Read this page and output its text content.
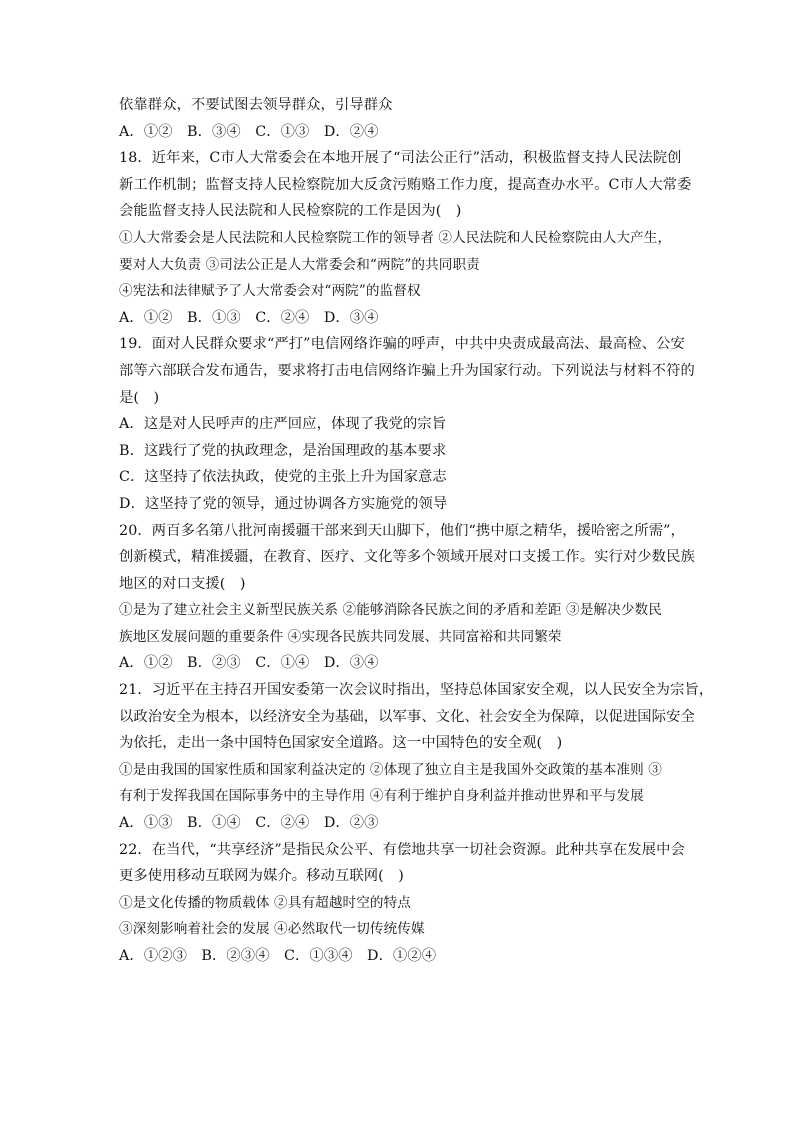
依靠群众，不要试图去领导群众，引导群众
A．①②　B．③④　C．①③　D．②④
18．近年来，C市人大常委会在本地开展了“司法公正行”活动，积极监督支持人民法院创
新工作机制；监督支持人民检察院加大反贪污贿赂工作力度，提高查办水平。C市人大常委
会能监督支持人民法院和人民检察院的工作是因为(　)
①人大常委会是人民法院和人民检察院工作的领导者 ②人民法院和人民检察院由人大产生，
要对人大负责 ③司法公正是人大常委会和“两院”的共同职责
④宪法和法律赋予了人大常委会对“两院”的监督权
A．①②　B．①③　C．②④　D．③④
19．面对人民群众要求“严打”电信网络诈骗的呼声，中共中央责成最高法、最高检、公安
部等六部联合发布通告，要求将打击电信网络诈骗上升为国家行动。下列说法与材料不符的
是(　)
A．这是对人民呼声的庄严回应，体现了我党的宗旨
B．这践行了党的执政理念，是治国理政的基本要求
C．这坚持了依法执政，使党的主张上升为国家意志
D．这坚持了党的领导，通过协调各方实施党的领导
20．两百多名第八批河南援疆干部来到天山脚下，他们“携中原之精华，援哈密之所需”，
创新模式，精准援疆，在教育、医疗、文化等多个领域开展对口支援工作。实行对少数民族
地区的对口支援(　)
①是为了建立社会主义新型民族关系 ②能够消除各民族之间的矛盾和差距 ③是解决少数民
族地区发展问题的重要条件 ④实现各民族共同发展、共同富裕和共同繁荣
A．①②　B．②③　C．①④　D．③④
21．习近平在主持召开国安委第一次会议时指出，坚持总体国家安全观，以人民安全为宗旨，
以政治安全为根本，以经济安全为基础，以军事、文化、社会安全为保障，以促进国际安全
为依托，走出一条中国特色国家安全道路。这一中国特色的安全观(　)
①是由我国的国家性质和国家利益决定的 ②体现了独立自主是我国外交政策的基本准则 ③
有利于发挥我国在国际事务中的主导作用 ④有利于维护自身利益并推动世界和平与发展
A．①③　B．①④　C．②④　D．②③
22．在当代，“共享经济”是指民众公平、有偿地共享一切社会资源。此种共享在发展中会
更多使用移动互联网为媒介。移动互联网(　)
①是文化传播的物质载体 ②具有超越时空的特点
③深刻影响着社会的发展 ④必然取代一切传统传媒
A．①②③　B．②③④　C．①③④　D．①②④
